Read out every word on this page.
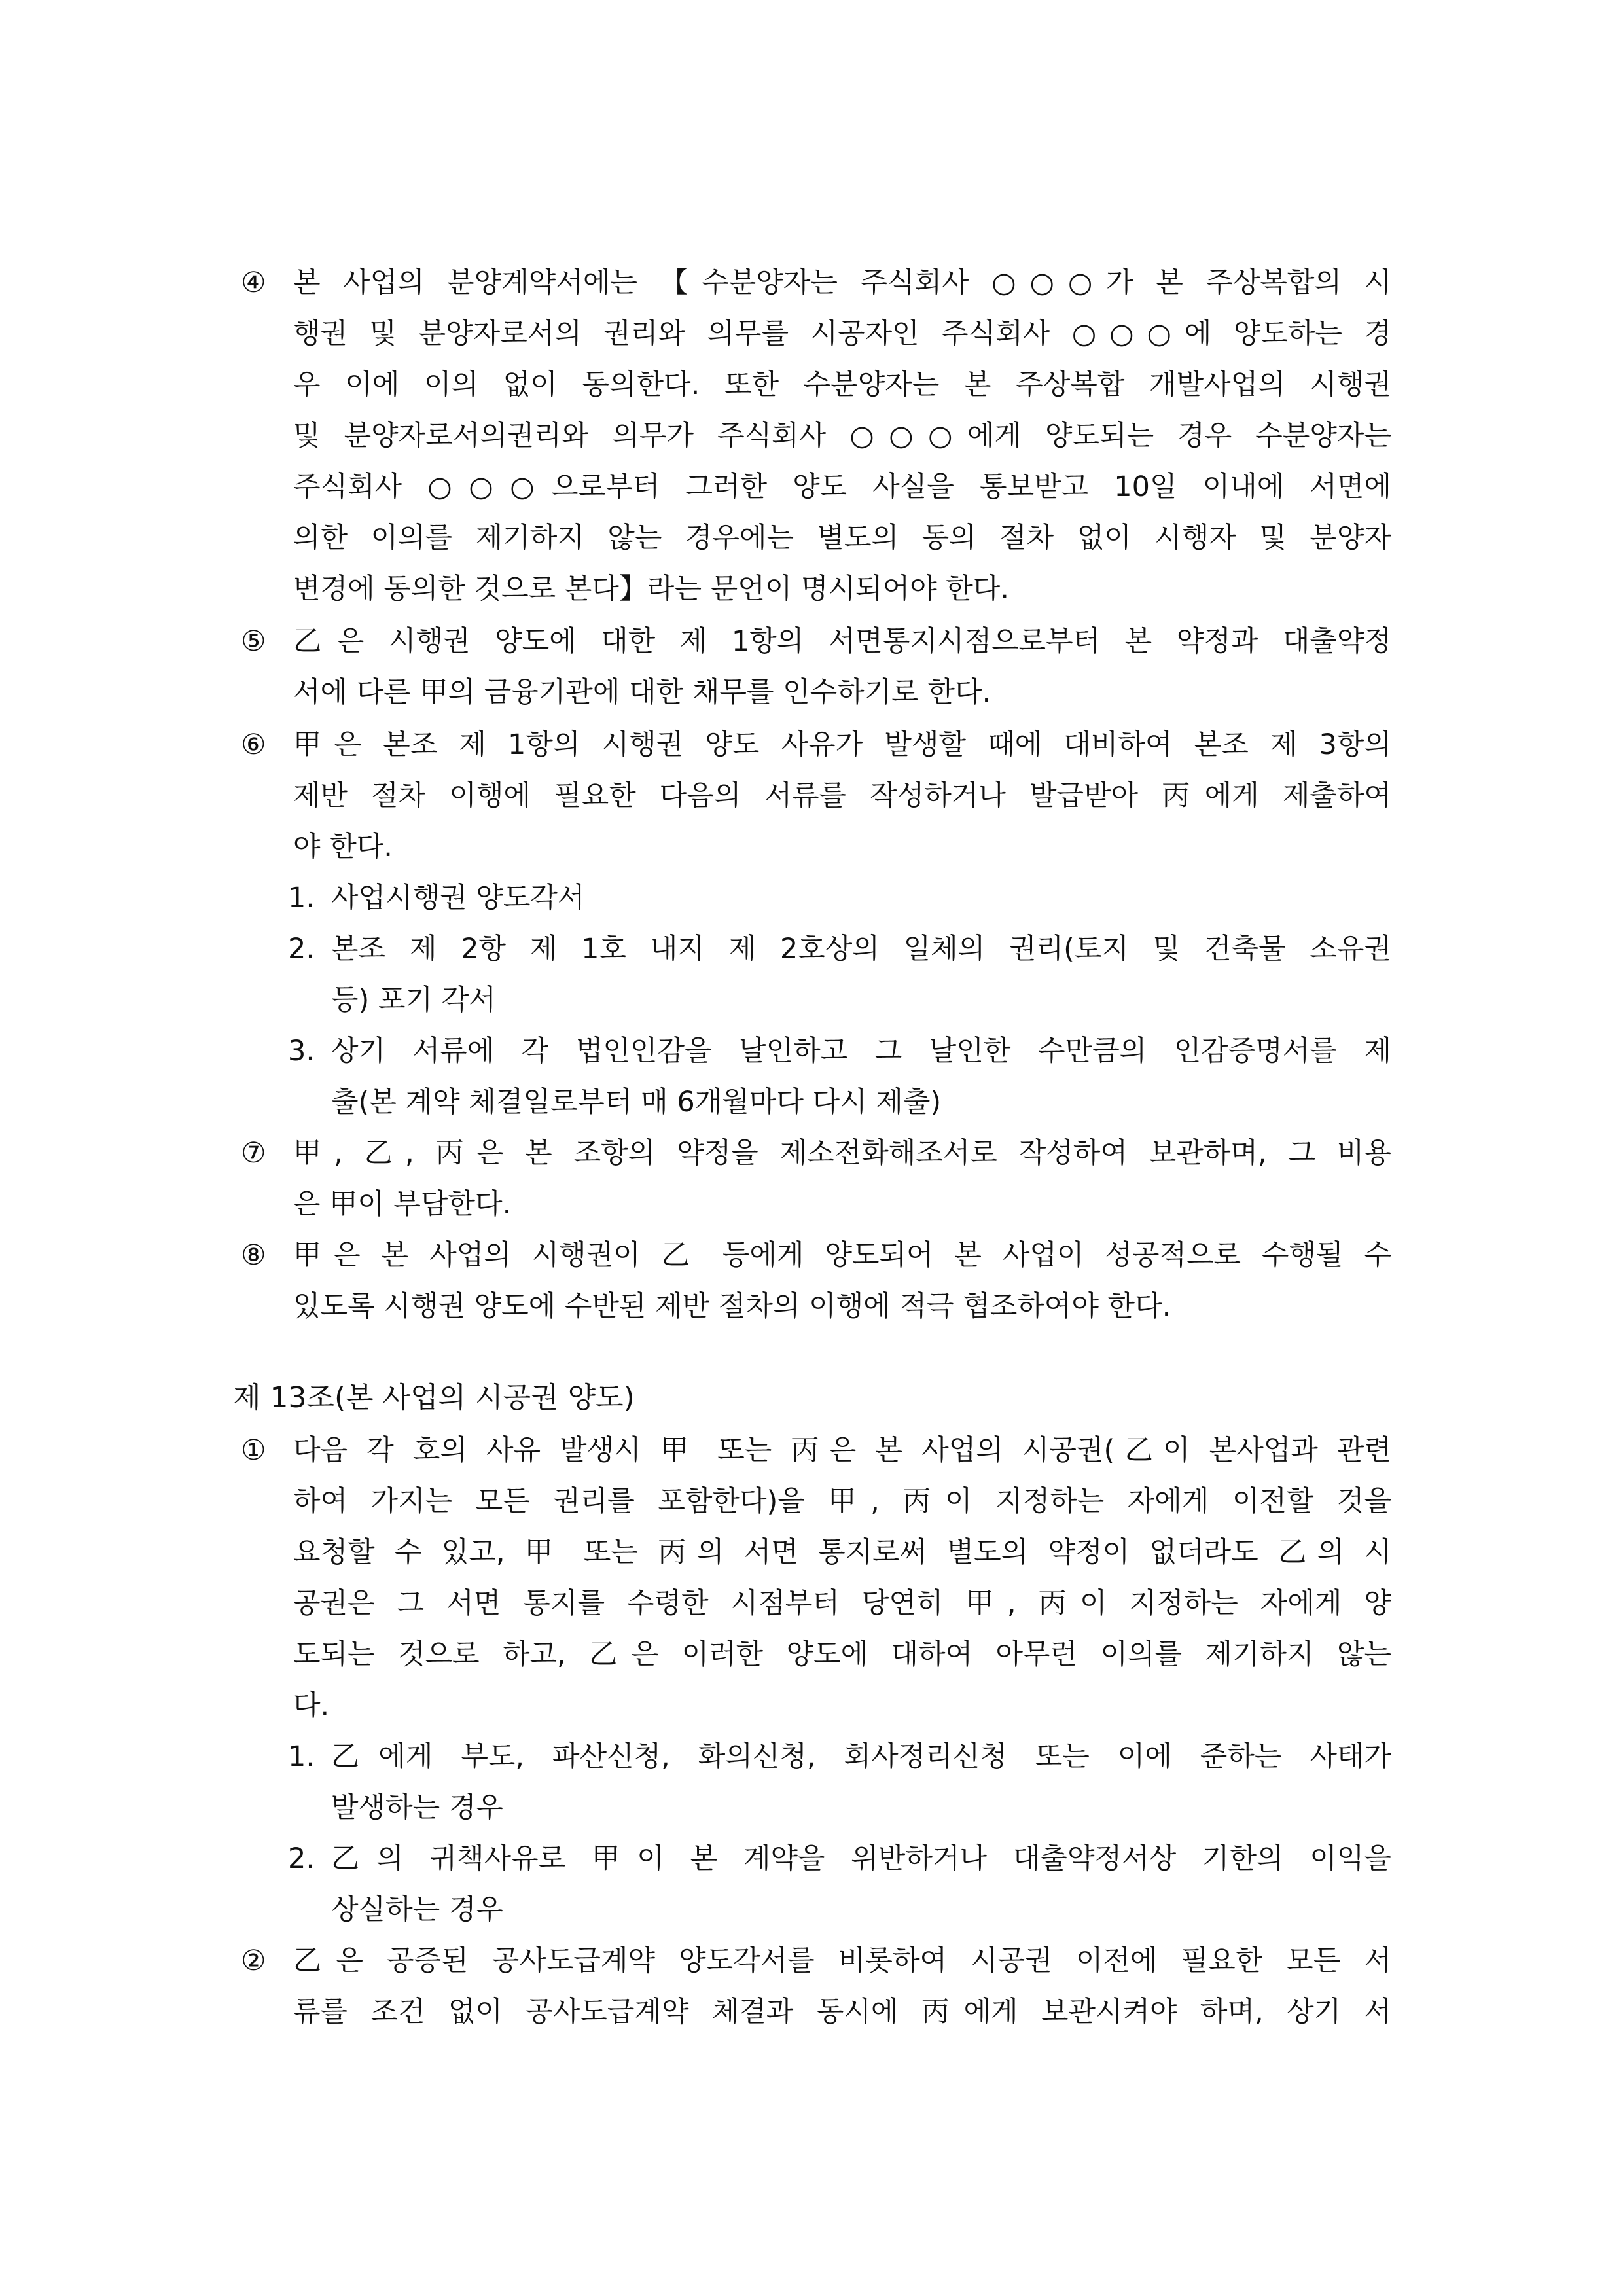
④ 본 사업의 분양계약서에는 【수분양자는 주식회사 ○○○가 본 주상복합의 시
행권 및 분양자로서의 권리와 의무를 시공자인 주식회사 ○○○에 양도하는 경
우 이에 이의 없이 동의한다. 또한 수분양자는 본 주상복합 개발사업의 시행권
및 분양자로서의권리와 의무가 주식회사 ○○○에게 양도되는 경우 수분양자는
주식회사 ○○○으로부터 그러한 양도 사실을 통보받고 10일 이내에 서면에
의한 이의를 제기하지 않는 경우에는 별도의 동의 절차 없이 시행자 및 분양자
변경에 동의한 것으로 본다】라는 문언이 명시되어야 한다.
⑤ 乙은 시행권 양도에 대한 제 1항의 서면통지시점으로부터 본 약정과 대출약정
서에 다른 甲의 금융기관에 대한 채무를 인수하기로 한다.
⑥ 甲은 본조 제 1항의 시행권 양도 사유가 발생할 때에 대비하여 본조 제 3항의
제반 절차 이행에 필요한 다음의 서류를 작성하거나 발급받아 丙에게 제출하여
야 한다.
1. 사업시행권 양도각서
2. 본조 제 2항 제 1호 내지 제 2호상의 일체의 권리(토지 및 건축물 소유권
등) 포기 각서
3. 상기 서류에 각 법인인감을 날인하고 그 날인한 수만큼의 인감증명서를 제
출(본 계약 체결일로부터 매 6개월마다 다시 제출)
⑦ 甲, 乙, 丙은 본 조항의 약정을 제소전화해조서로 작성하여 보관하며, 그 비용
은 甲이 부담한다.
⑧ 甲은 본 사업의 시행권이 乙 등에게 양도되어 본 사업이 성공적으로 수행될 수
있도록 시행권 양도에 수반된 제반 절차의 이행에 적극 협조하여야 한다.
제 13조(본 사업의 시공권 양도)
① 다음 각 호의 사유 발생시 甲 또는 丙은 본 사업의 시공권(乙이 본사업과 관련
하여 가지는 모든 권리를 포함한다)을 甲, 丙이 지정하는 자에게 이전할 것을
요청할 수 있고, 甲 또는 丙의 서면 통지로써 별도의 약정이 없더라도 乙의 시
공권은 그 서면 통지를 수령한 시점부터 당연히 甲, 丙이 지정하는 자에게 양
도되는 것으로 하고, 乙은 이러한 양도에 대하여 아무런 이의를 제기하지 않는
다.
1. 乙에게 부도, 파산신청, 화의신청, 회사정리신청 또는 이에 준하는 사태가
발생하는 경우
2. 乙의 귀책사유로 甲이 본 계약을 위반하거나 대출약정서상 기한의 이익을
상실하는 경우
② 乙은 공증된 공사도급계약 양도각서를 비롯하여 시공권 이전에 필요한 모든 서
류를 조건 없이 공사도급계약 체결과 동시에 丙에게 보관시켜야 하며, 상기 서
